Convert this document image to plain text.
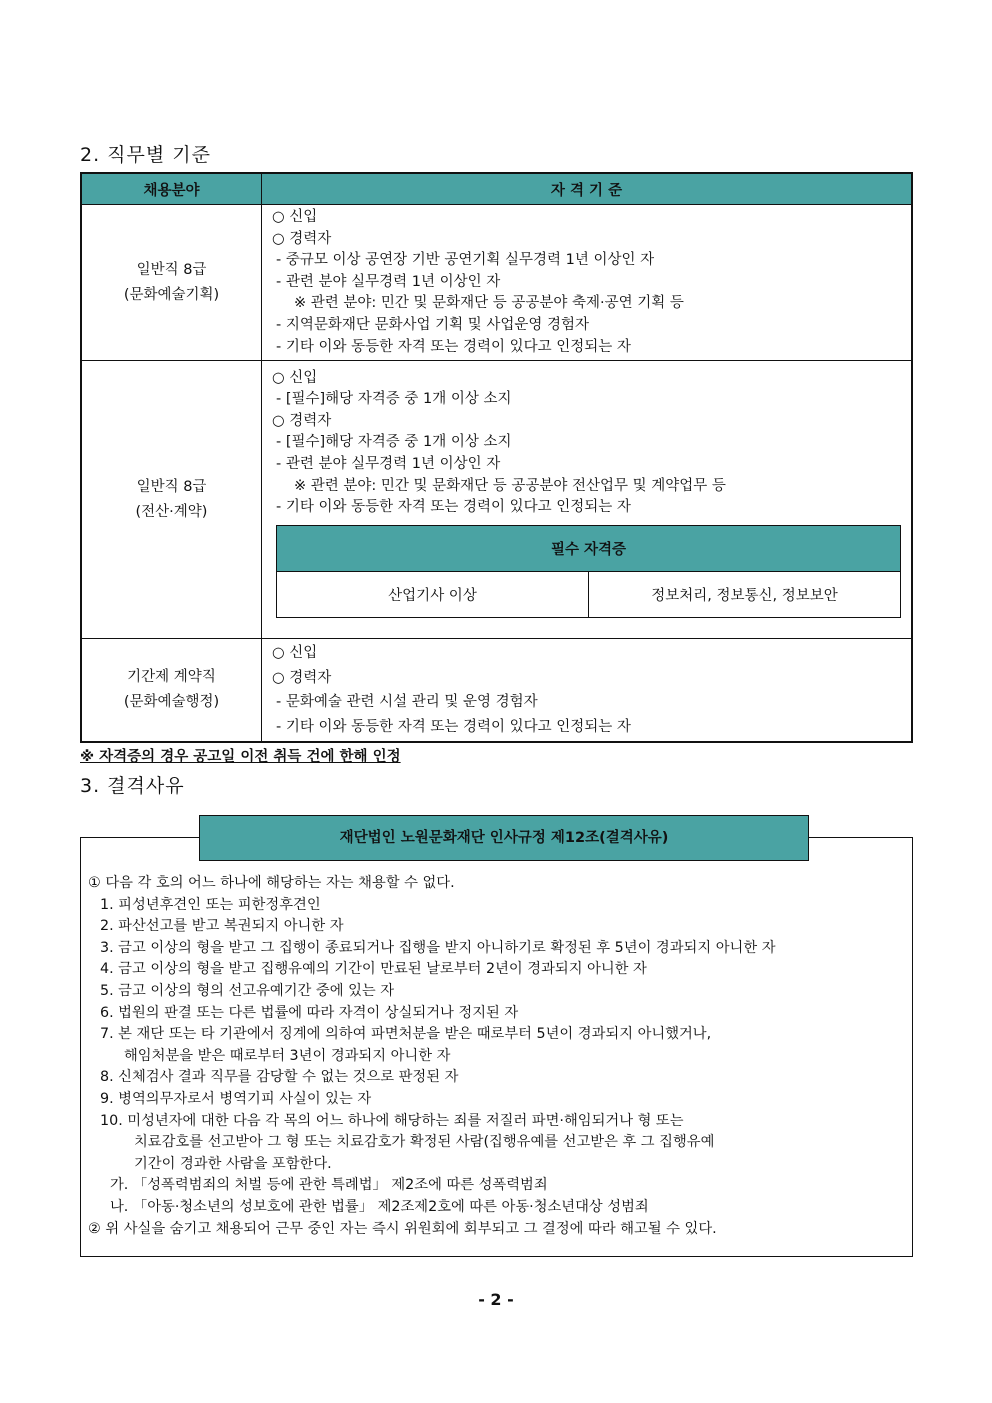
2. 직무별 기준
채용분야	자 격 기 준

일반직 8급
(문화예술기획)

○ 신입
○ 경력자
- 중규모 이상 공연장 기반 공연기획 실무경력 1년 이상인 자
- 관련 분야 실무경력 1년 이상인 자
※ 관련 분야: 민간 및 문화재단 등 공공분야 축제·공연 기획 등
- 지역문화재단 문화사업 기획 및 사업운영 경험자
- 기타 이와 동등한 자격 또는 경력이 있다고 인정되는 자

일반직 8급
(전산·계약)

○ 신입
- [필수]해당 자격증 중 1개 이상 소지
○ 경력자
- [필수]해당 자격증 중 1개 이상 소지
- 관련 분야 실무경력 1년 이상인 자
※ 관련 분야: 민간 및 문화재단 등 공공분야 전산업무 및 계약업무 등
- 기타 이와 동등한 자격 또는 경력이 있다고 인정되는 자
필수 자격증
산업기사 이상	정보처리, 정보통신, 정보보안

기간제 계약직
(문화예술행정)

○ 신입
○ 경력자
- 문화예술 관련 시설 관리 및 운영 경험자
- 기타 이와 동등한 자격 또는 경력이 있다고 인정되는 자
※ 자격증의 경우 공고일 이전 취득 건에 한해 인정
3. 결격사유
재단법인 노원문화재단 인사규정 제12조(결격사유)
① 다음 각 호의 어느 하나에 해당하는 자는 채용할 수 없다.
1. 피성년후견인 또는 피한정후견인
2. 파산선고를 받고 복권되지 아니한 자
3. 금고 이상의 형을 받고 그 집행이 종료되거나 집행을 받지 아니하기로 확정된 후 5년이 경과되지 아니한 자
4. 금고 이상의 형을 받고 집행유예의 기간이 만료된 날로부터 2년이 경과되지 아니한 자
5. 금고 이상의 형의 선고유예기간 중에 있는 자
6. 법원의 판결 또는 다른 법률에 따라 자격이 상실되거나 정지된 자
7. 본 재단 또는 타 기관에서 징계에 의하여 파면처분을 받은 때로부터 5년이 경과되지 아니했거나,
해임처분을 받은 때로부터 3년이 경과되지 아니한 자
8. 신체검사 결과 직무를 감당할 수 없는 것으로 판정된 자
9. 병역의무자로서 병역기피 사실이 있는 자
10. 미성년자에 대한 다음 각 목의 어느 하나에 해당하는 죄를 저질러 파면·해임되거나 형 또는
치료감호를 선고받아 그 형 또는 치료감호가 확정된 사람(집행유예를 선고받은 후 그 집행유예
기간이 경과한 사람을 포함한다.
가. 「성폭력범죄의 처벌 등에 관한 특례법」 제2조에 따른 성폭력범죄
나. 「아동·청소년의 성보호에 관한 법률」 제2조제2호에 따른 아동·청소년대상 성범죄
② 위 사실을 숨기고 채용되어 근무 중인 자는 즉시 위원회에 회부되고 그 결정에 따라 해고될 수 있다.
- 2 -
